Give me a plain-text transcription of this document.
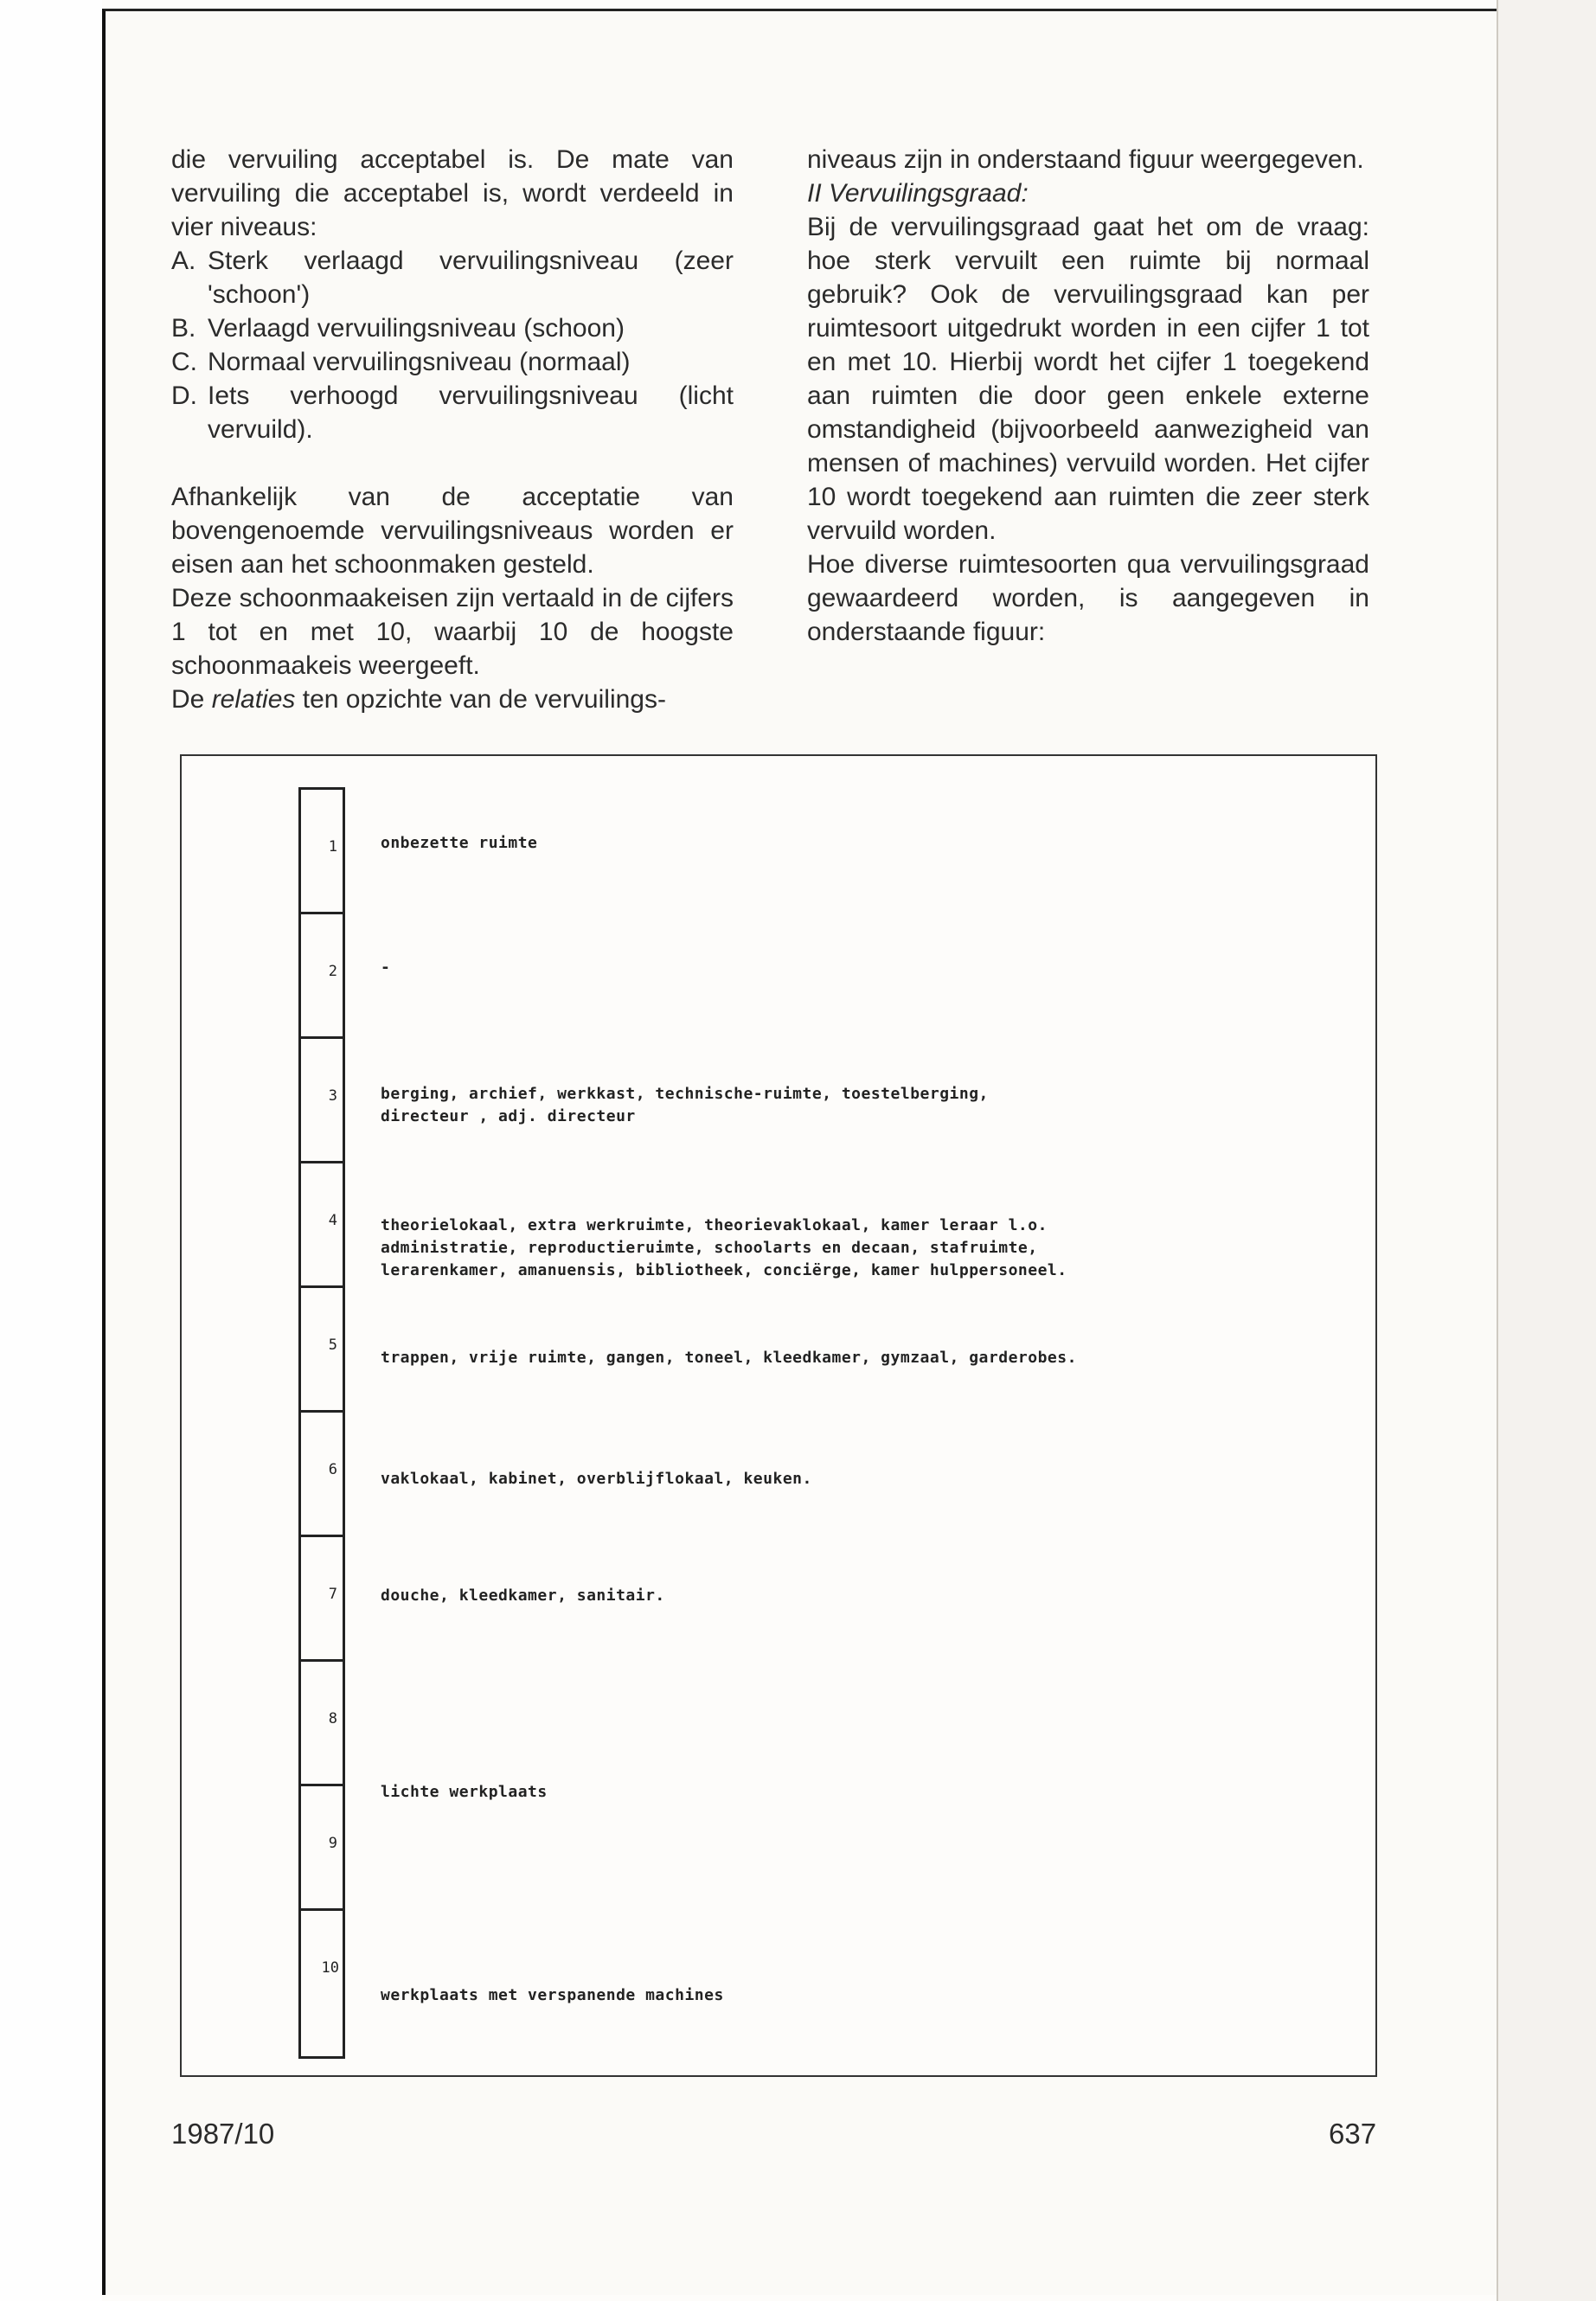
die vervuiling acceptabel is. De mate van vervuiling die acceptabel is, wordt verdeeld in vier niveaus:

A. Sterk verlaagd vervuilingsniveau (zeer 'schoon')
B. Verlaagd vervuilingsniveau (schoon)
C. Normaal vervuilingsniveau (normaal)
D. Iets verhoogd vervuilingsniveau (licht vervuild).

Afhankelijk van de acceptatie van bovengenoemde vervuilingsniveaus worden er eisen aan het schoonmaken gesteld.

Deze schoonmaakeisen zijn vertaald in de cijfers 1 tot en met 10, waarbij 10 de hoogste schoonmaakeis weergeeft.

De relaties ten opzichte van de vervuilings-

niveaus zijn in onderstaand figuur weergegeven.

II Vervuilingsgraad:

Bij de vervuilingsgraad gaat het om de vraag: hoe sterk vervuilt een ruimte bij normaal gebruik? Ook de vervuilingsgraad kan per ruimtesoort uitgedrukt worden in een cijfer 1 tot en met 10. Hierbij wordt het cijfer 1 toegekend aan ruimten die door geen enkele externe omstandigheid (bijvoorbeeld aanwezigheid van mensen of machines) vervuild worden. Het cijfer 10 wordt toegekend aan ruimten die zeer sterk vervuild worden.

Hoe diverse ruimtesoorten qua vervuilingsgraad gewaardeerd worden, is aangegeven in onderstaande figuur:

1
2
3
4
5
6
7
8
9
10
onbezette ruimte
-
berging, archief, werkkast, technische-ruimte, toestelberging,
directeur , adj. directeur
theorielokaal, extra werkruimte, theorievaklokaal, kamer leraar l.o.
administratie, reproductieruimte, schoolarts en decaan, stafruimte,
lerarenkamer, amanuensis, bibliotheek, conciërge, kamer hulppersoneel.
trappen, vrije ruimte, gangen, toneel, kleedkamer, gymzaal, garderobes.
vaklokaal, kabinet, overblijflokaal, keuken.
douche, kleedkamer, sanitair.
lichte werkplaats
werkplaats met verspanende machines
1987/10	637
